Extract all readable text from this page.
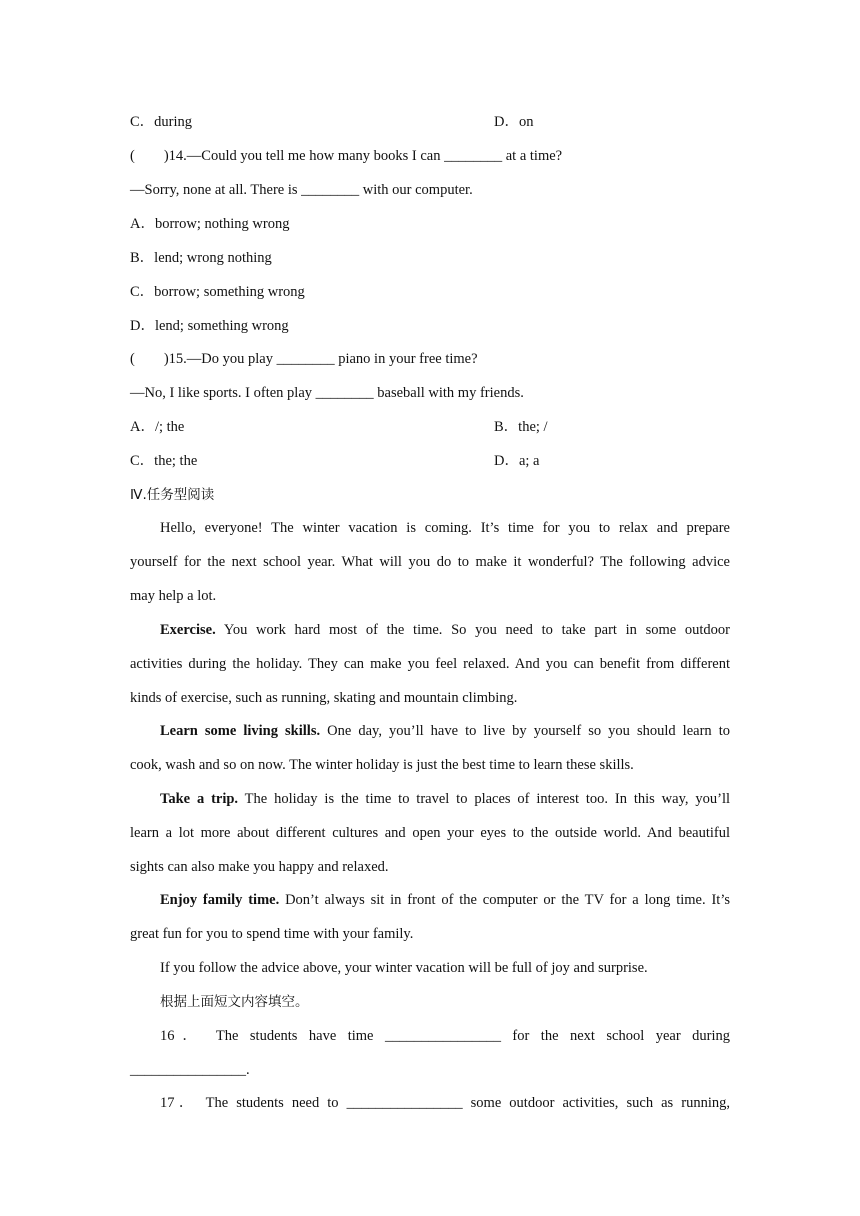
C．during	D．on
(　　)14.—Could you tell me how many books I can ________ at a time?
—Sorry, none at all. There is ________ with our computer.
A．borrow; nothing wrong
B．lend; wrong nothing
C．borrow; something wrong
D．lend; something wrong
(　　)15.—Do you play ________ piano in your free time?
—No, I like sports. I often play ________ baseball with my friends.
A．/; the	B．the; /
C．the; the	D．a; a
Ⅳ.任务型阅读
Hello, everyone! The winter vacation is coming. It’s time for you to relax and prepare
yourself for the next school year. What will you do to make it wonderful? The following advice
may help a lot.
Exercise. You work hard most of the time. So you need to take part in some outdoor
activities during the holiday. They can make you feel relaxed. And you can benefit from different
kinds of exercise, such as running, skating and mountain climbing.
Learn some living skills. One day, you’ll have to live by yourself so you should learn to
cook, wash and so on now. The winter holiday is just the best time to learn these skills.
Take a trip. The holiday is the time to travel to places of interest too. In this way, you’ll
learn a lot more about different cultures and open your eyes to the outside world. And beautiful
sights can also make you happy and relaxed.
Enjoy family time. Don’t always sit in front of the computer or the TV for a long time. It’s
great fun for you to spend time with your family.
If you follow the advice above, your winter vacation will be full of joy and surprise.
根据上面短文内容填空。
16． The students have time ________________ for the next school year during
________________.
17． The students need to ________________ some outdoor activities, such as running,
